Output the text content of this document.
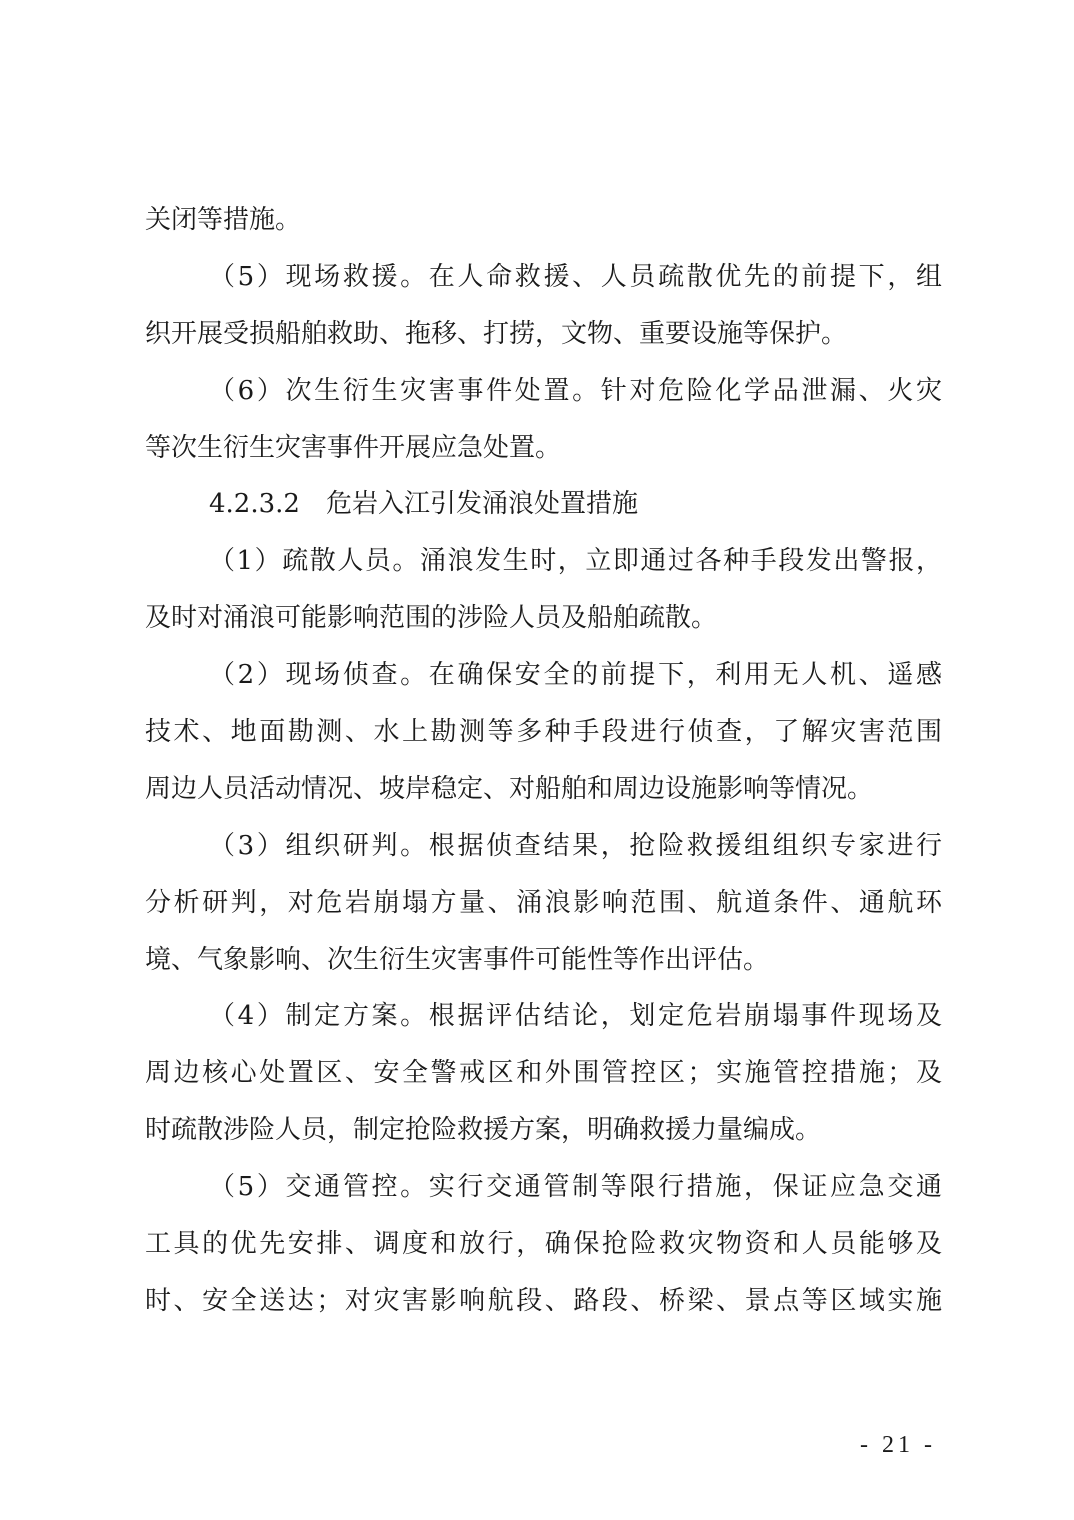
关闭等措施。
（5）现场救援。在人命救援、人员疏散优先的前提下，组
织开展受损船舶救助、拖移、打捞，文物、重要设施等保护。
（6）次生衍生灾害事件处置。针对危险化学品泄漏、火灾
等次生衍生灾害事件开展应急处置。
4.2.3.2　危岩入江引发涌浪处置措施
（1）疏散人员。涌浪发生时，立即通过各种手段发出警报，
及时对涌浪可能影响范围的涉险人员及船舶疏散。
（2）现场侦查。在确保安全的前提下，利用无人机、遥感
技术、地面勘测、水上勘测等多种手段进行侦查，了解灾害范围
周边人员活动情况、坡岸稳定、对船舶和周边设施影响等情况。
（3）组织研判。根据侦查结果，抢险救援组组织专家进行
分析研判，对危岩崩塌方量、涌浪影响范围、航道条件、通航环
境、气象影响、次生衍生灾害事件可能性等作出评估。
（4）制定方案。根据评估结论，划定危岩崩塌事件现场及
周边核心处置区、安全警戒区和外围管控区；实施管控措施；及
时疏散涉险人员，制定抢险救援方案，明确救援力量编成。
（5）交通管控。实行交通管制等限行措施，保证应急交通
工具的优先安排、调度和放行，确保抢险救灾物资和人员能够及
时、安全送达；对灾害影响航段、路段、桥梁、景点等区域实施
- 21 -
